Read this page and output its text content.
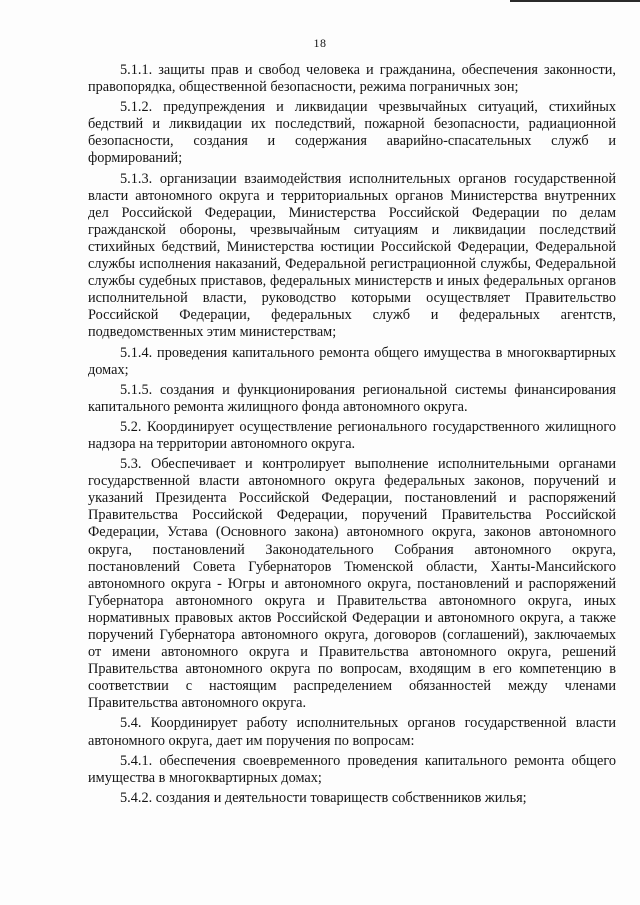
18

5.1.1. защиты прав и свобод человека и гражданина, обеспечения законности, правопорядка, общественной безопасности, режима пограничных зон;

5.1.2. предупреждения и ликвидации чрезвычайных ситуаций, стихийных бедствий и ликвидации их последствий, пожарной безопасности, радиационной безопасности, создания и содержания аварийно-спасательных служб и формирований;

5.1.3. организации взаимодействия исполнительных органов государственной власти автономного округа и территориальных органов Министерства внутренних дел Российской Федерации, Министерства Российской Федерации по делам гражданской обороны, чрезвычайным ситуациям и ликвидации последствий стихийных бедствий, Министерства юстиции Российской Федерации, Федеральной службы исполнения наказаний, Федеральной регистрационной службы, Федеральной службы судебных приставов, федеральных министерств и иных федеральных органов исполнительной власти, руководство которыми осуществляет Правительство Российской Федерации, федеральных служб и федеральных агентств, подведомственных этим министерствам;

5.1.4. проведения капитального ремонта общего имущества в многоквартирных домах;

5.1.5. создания и функционирования региональной системы финансирования капитального ремонта жилищного фонда автономного округа.

5.2. Координирует осуществление регионального государственного жилищного надзора на территории автономного округа.

5.3. Обеспечивает и контролирует выполнение исполнительными органами государственной власти автономного округа федеральных законов, поручений и указаний Президента Российской Федерации, постановлений и распоряжений Правительства Российской Федерации, поручений Правительства Российской Федерации, Устава (Основного закона) автономного округа, законов автономного округа, постановлений Законодательного Собрания автономного округа, постановлений Совета Губернаторов Тюменской области, Ханты-Мансийского автономного округа - Югры и автономного округа, постановлений и распоряжений Губернатора автономного округа и Правительства автономного округа, иных нормативных правовых актов Российской Федерации и автономного округа, а также поручений Губернатора автономного округа, договоров (соглашений), заключаемых от имени автономного округа и Правительства автономного округа, решений Правительства автономного округа по вопросам, входящим в его компетенцию в соответствии с настоящим распределением обязанностей между членами Правительства автономного округа.

5.4. Координирует работу исполнительных органов государственной власти автономного округа, дает им поручения по вопросам:

5.4.1. обеспечения своевременного проведения капитального ремонта общего имущества в многоквартирных домах;

5.4.2. создания и деятельности товариществ собственников жилья;
